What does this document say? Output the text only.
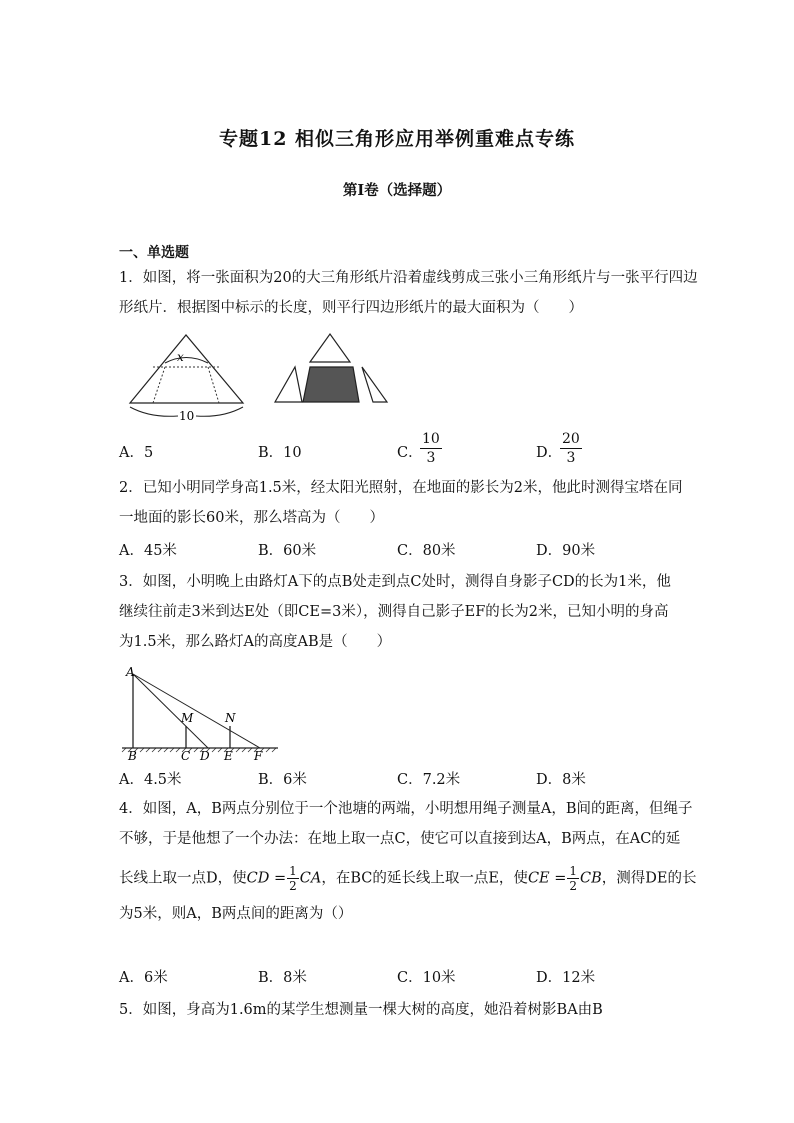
专题12 相似三角形应用举例重难点专练
第I卷（选择题）
一、单选题
1．如图，将一张面积为20的大三角形纸片沿着虚线剪成三张小三角形纸片与一张平行四边
形纸片．根据图中标示的长度，则平行四边形纸片的最大面积为（　　）
x
10
A．5	B．10	C．
$\frac{10}{3}$	D．
$\frac{20}{3}$
2．已知小明同学身高1.5米，经太阳光照射，在地面的影长为2米，他此时测得宝塔在同
一地面的影长60米，那么塔高为（　　）
A．45米	B．60米	C．80米	D．90米
3．如图，小明晚上由路灯A下的点B处走到点C处时，测得自身影子CD的长为1米，他
继续往前走3米到达E处（即CE=3米），测得自己影子EF的长为2米，已知小明的身高
为1.5米，那么路灯A的高度AB是（　　）
A
B	C D E F
M	N
A．4.5米	B．6米	C．7.2米	D．8米
4．如图，A，B两点分别位于一个池塘的两端，小明想用绳子测量A，B间的距离，但绳子
不够，于是他想了一个办法：在地上取一点C，使它可以直接到达A，B两点，在AC的延
长线上取一点D，使CD = $\frac{1}{2}$ CA，在BC的延长线上取一点E，使CE = $\frac{1}{2}$ CB，测得DE的长
为5米，则A，B两点间的距离为（）
A．6米	B．8米	C．10米	D．12米
5．如图，身高为1.6m的某学生想测量一棵大树的高度，她沿着树影BA由B
